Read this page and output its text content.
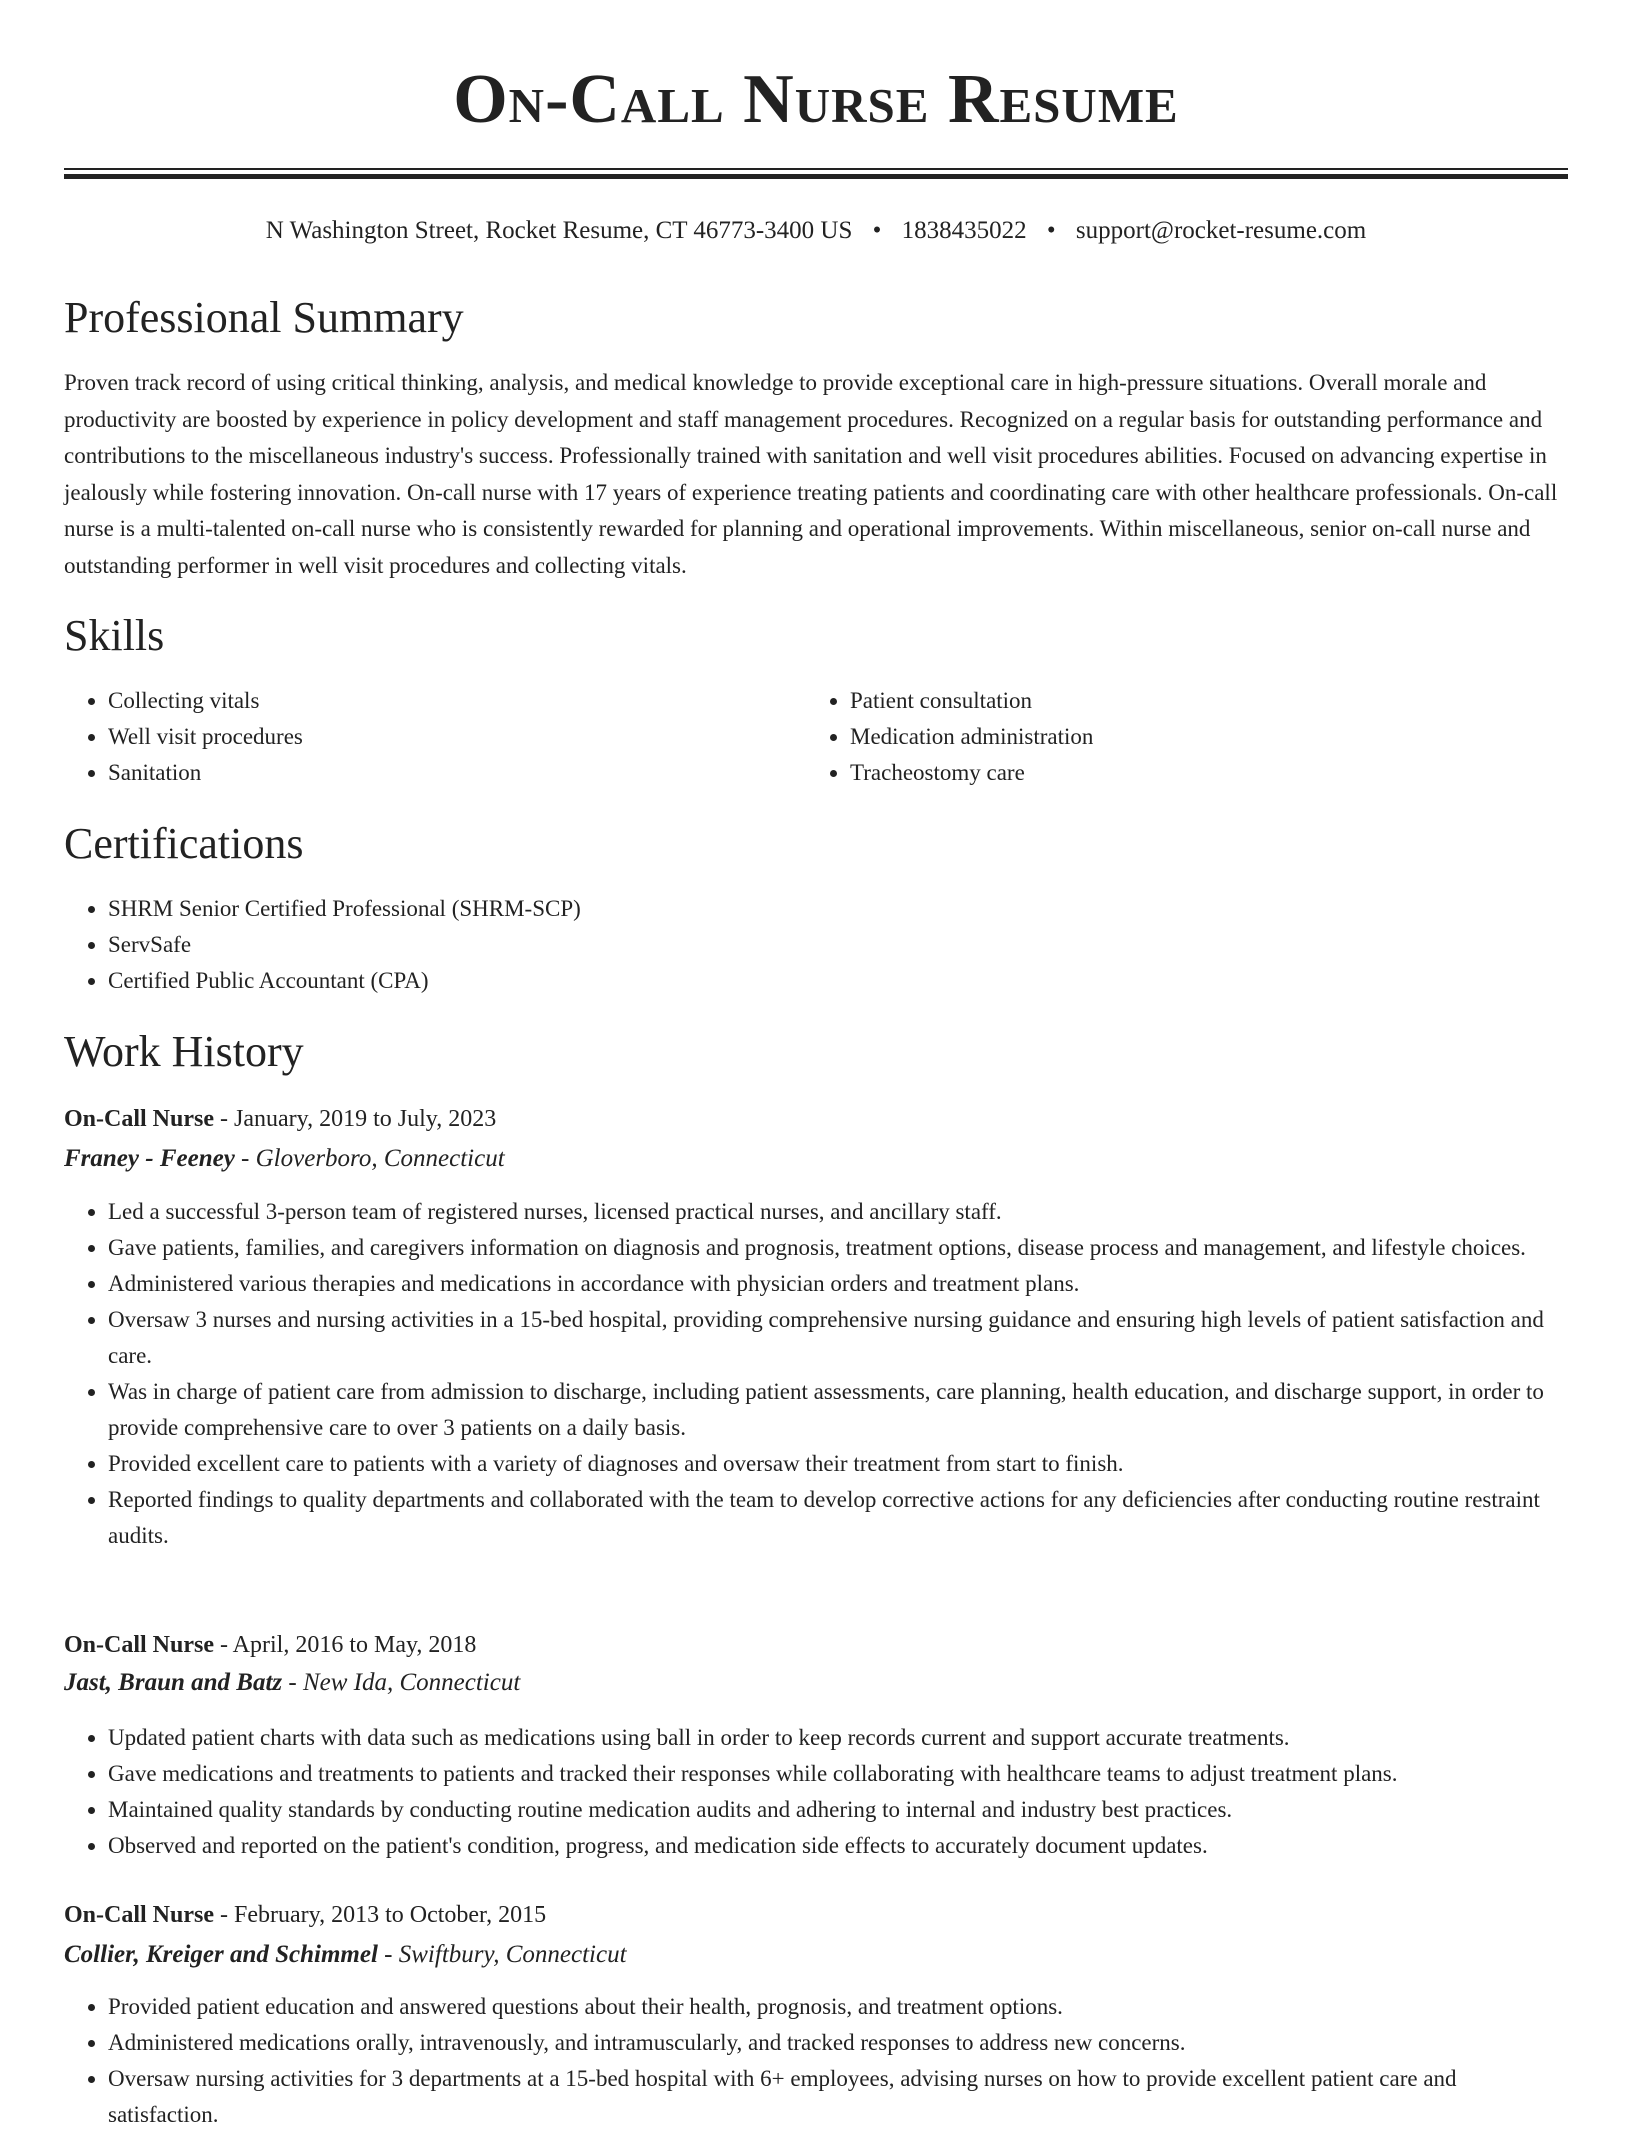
On-Call Nurse Resume
N Washington Street, Rocket Resume, CT 46773-3400 US • 1838435022 • support@rocket-resume.com
Professional Summary

Proven track record of using critical thinking, analysis, and medical knowledge to provide exceptional care in high-pressure situations. Overall morale and productivity are boosted by experience in policy development and staff management procedures. Recognized on a regular basis for outstanding performance and contributions to the miscellaneous industry's success. Professionally trained with sanitation and well visit procedures abilities. Focused on advancing expertise in jealously while fostering innovation. On-call nurse with 17 years of experience treating patients and coordinating care with other healthcare professionals. On-call nurse is a multi-talented on-call nurse who is consistently rewarded for planning and operational improvements. Within miscellaneous, senior on-call nurse and outstanding performer in well visit procedures and collecting vitals.

Skills
• Collecting vitals
• Well visit procedures
• Sanitation
• Patient consultation
• Medication administration
• Tracheostomy care
Certifications
• SHRM Senior Certified Professional (SHRM-SCP)
• ServSafe
• Certified Public Accountant (CPA)
Work History
On-Call Nurse - January, 2019 to July, 2023
Franey - Feeney - Gloverboro, Connecticut
• Led a successful 3-person team of registered nurses, licensed practical nurses, and ancillary staff.
• Gave patients, families, and caregivers information on diagnosis and prognosis, treatment options, disease process and management, and lifestyle choices.
• Administered various therapies and medications in accordance with physician orders and treatment plans.
• Oversaw 3 nurses and nursing activities in a 15-bed hospital, providing comprehensive nursing guidance and ensuring high levels of patient satisfaction and care.
• Was in charge of patient care from admission to discharge, including patient assessments, care planning, health education, and discharge support, in order to provide comprehensive care to over 3 patients on a daily basis.
• Provided excellent care to patients with a variety of diagnoses and oversaw their treatment from start to finish.
• Reported findings to quality departments and collaborated with the team to develop corrective actions for any deficiencies after conducting routine restraint audits.
On-Call Nurse - April, 2016 to May, 2018
Jast, Braun and Batz - New Ida, Connecticut
• Updated patient charts with data such as medications using ball in order to keep records current and support accurate treatments.
• Gave medications and treatments to patients and tracked their responses while collaborating with healthcare teams to adjust treatment plans.
• Maintained quality standards by conducting routine medication audits and adhering to internal and industry best practices.
• Observed and reported on the patient's condition, progress, and medication side effects to accurately document updates.
On-Call Nurse - February, 2013 to October, 2015
Collier, Kreiger and Schimmel - Swiftbury, Connecticut
• Provided patient education and answered questions about their health, prognosis, and treatment options.
• Administered medications orally, intravenously, and intramuscularly, and tracked responses to address new concerns.
• Oversaw nursing activities for 3 departments at a 15-bed hospital with 6+ employees, advising nurses on how to provide excellent patient care and satisfaction.
